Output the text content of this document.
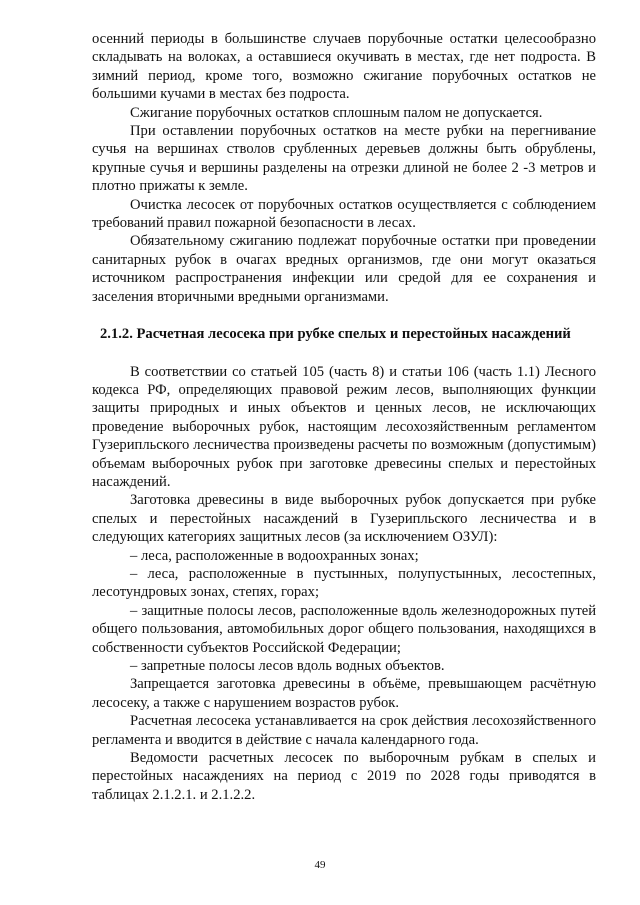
осенний периоды в большинстве случаев порубочные остатки целесообразно складывать на волоках, а оставшиеся окучивать в местах, где нет подроста. В зимний период, кроме того, возможно сжигание порубочных остатков не большими кучами в местах без подроста.

Сжигание порубочных остатков сплошным палом не допускается.

При оставлении порубочных остатков на месте рубки на перегнивание сучья на вершинах стволов срубленных деревьев должны быть обрублены, крупные сучья и вершины разделены на отрезки длиной не более 2 -3 метров и плотно прижаты к земле.

Очистка лесосек от порубочных остатков осуществляется с соблюдением требований правил пожарной безопасности в лесах.

Обязательному сжиганию подлежат порубочные остатки при проведении санитарных рубок в очагах вредных организмов, где они могут оказаться источником распространения инфекции или средой для ее сохранения и заселения вторичными вредными организмами.

2.1.2. Расчетная лесосека при рубке спелых и перестойных насаждений

В соответствии со статьей 105 (часть 8) и статьи 106 (часть 1.1) Лесного кодекса РФ, определяющих правовой режим лесов, выполняющих функции защиты природных и иных объектов и ценных лесов, не исключающих проведение выборочных рубок, настоящим лесохозяйственным регламентом Гузерипльского лесничества произведены расчеты по возможным (допустимым) объемам выборочных рубок при заготовке древесины спелых и перестойных насаждений.

Заготовка древесины в виде выборочных рубок допускается при рубке спелых и перестойных насаждений в Гузерипльского лесничества и в следующих категориях защитных лесов (за исключением ОЗУЛ):

– леса, расположенные в водоохранных зонах;

– леса, расположенные в пустынных, полупустынных, лесостепных, лесотундровых зонах, степях, горах;

– защитные полосы лесов, расположенные вдоль железнодорожных путей общего пользования, автомобильных дорог общего пользования, находящихся в собственности субъектов Российской Федерации;

– запретные полосы лесов вдоль водных объектов.

Запрещается заготовка древесины в объёме, превышающем расчётную лесосеку, а также с нарушением возрастов рубок.

Расчетная лесосека устанавливается на срок действия лесохозяйственного регламента и вводится в действие с начала календарного года.

Ведомости расчетных лесосек по выборочным рубкам в спелых и перестойных насаждениях на период с 2019 по 2028 годы приводятся в таблицах 2.1.2.1. и 2.1.2.2.

49
